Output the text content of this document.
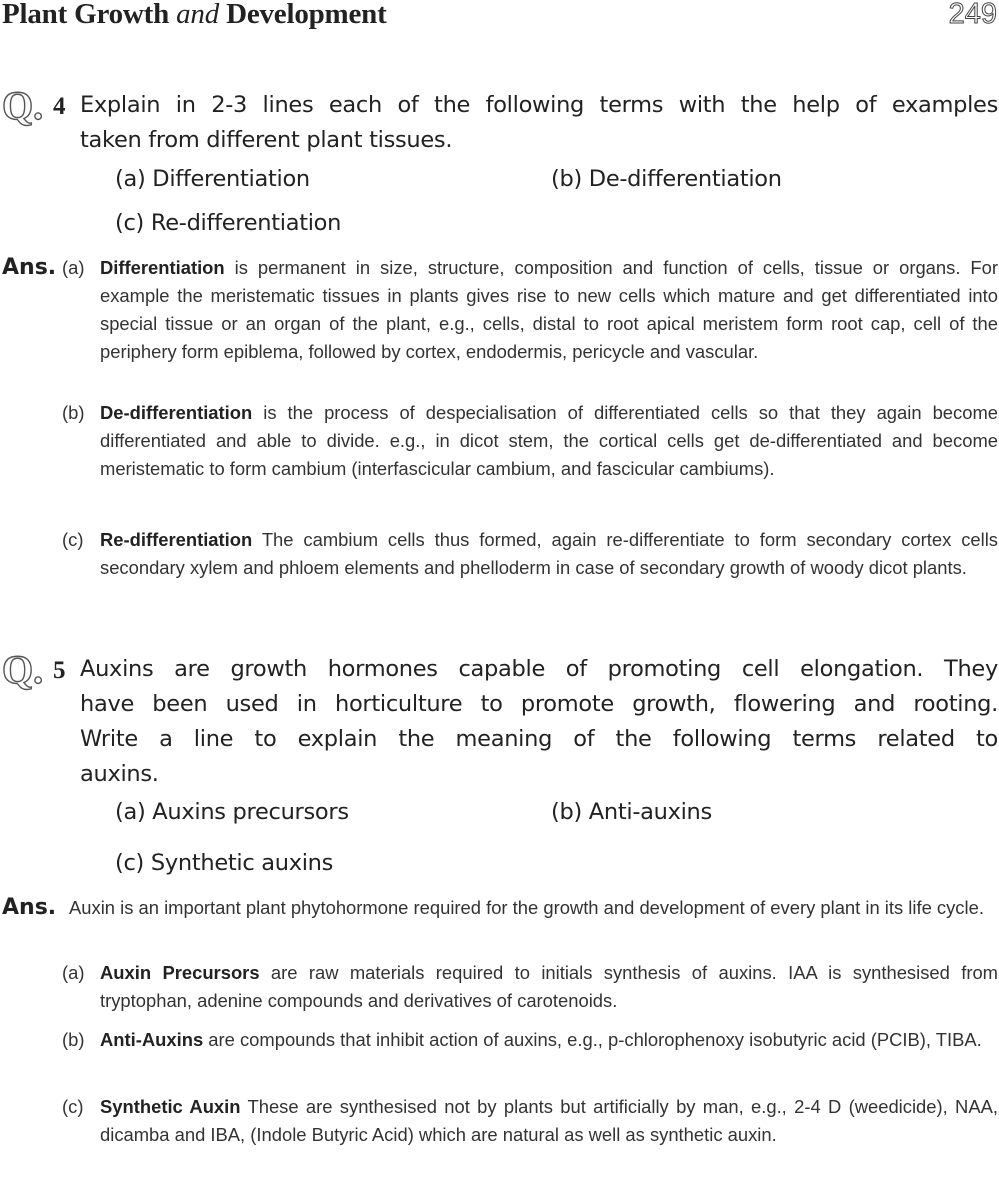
Plant Growth and Development	249
Q. 4 Explain in 2-3 lines each of the following terms with the help of examples
taken from different plant tissues.
(a) Differentiation	(b) De-differentiation
(c) Re-differentiation
Ans. (a) Differentiation is permanent in size, structure, composition and function of cells, tissue or organs. For example the meristematic tissues in plants gives rise to new cells which mature and get differentiated into special tissue or an organ of the plant, e.g., cells, distal to root apical meristem form root cap, cell of the periphery form epiblema, followed by cortex, endodermis, pericycle and vascular.
(b) De-differentiation is the process of despecialisation of differentiated cells so that they again become differentiated and able to divide. e.g., in dicot stem, the cortical cells get de-differentiated and become meristematic to form cambium (interfascicular cambium, and fascicular cambiums).
(c) Re-differentiation The cambium cells thus formed, again re-differentiate to form secondary cortex cells secondary xylem and phloem elements and phelloderm in case of secondary growth of woody dicot plants.
Q. 5 Auxins are growth hormones capable of promoting cell elongation. They
have been used in horticulture to promote growth, flowering and rooting.
Write a line to explain the meaning of the following terms related to
auxins.
(a) Auxins precursors	(b) Anti-auxins
(c) Synthetic auxins
Ans. Auxin is an important plant phytohormone required for the growth and development of every plant in its life cycle.
(a) Auxin Precursors are raw materials required to initials synthesis of auxins. IAA is synthesised from tryptophan, adenine compounds and derivatives of carotenoids.
(b) Anti-Auxins are compounds that inhibit action of auxins, e.g., p-chlorophenoxy isobutyric acid (PCIB), TIBA.
(c) Synthetic Auxin These are synthesised not by plants but artificially by man, e.g., 2-4 D (weedicide), NAA, dicamba and IBA, (Indole Butyric Acid) which are natural as well as synthetic auxin.
